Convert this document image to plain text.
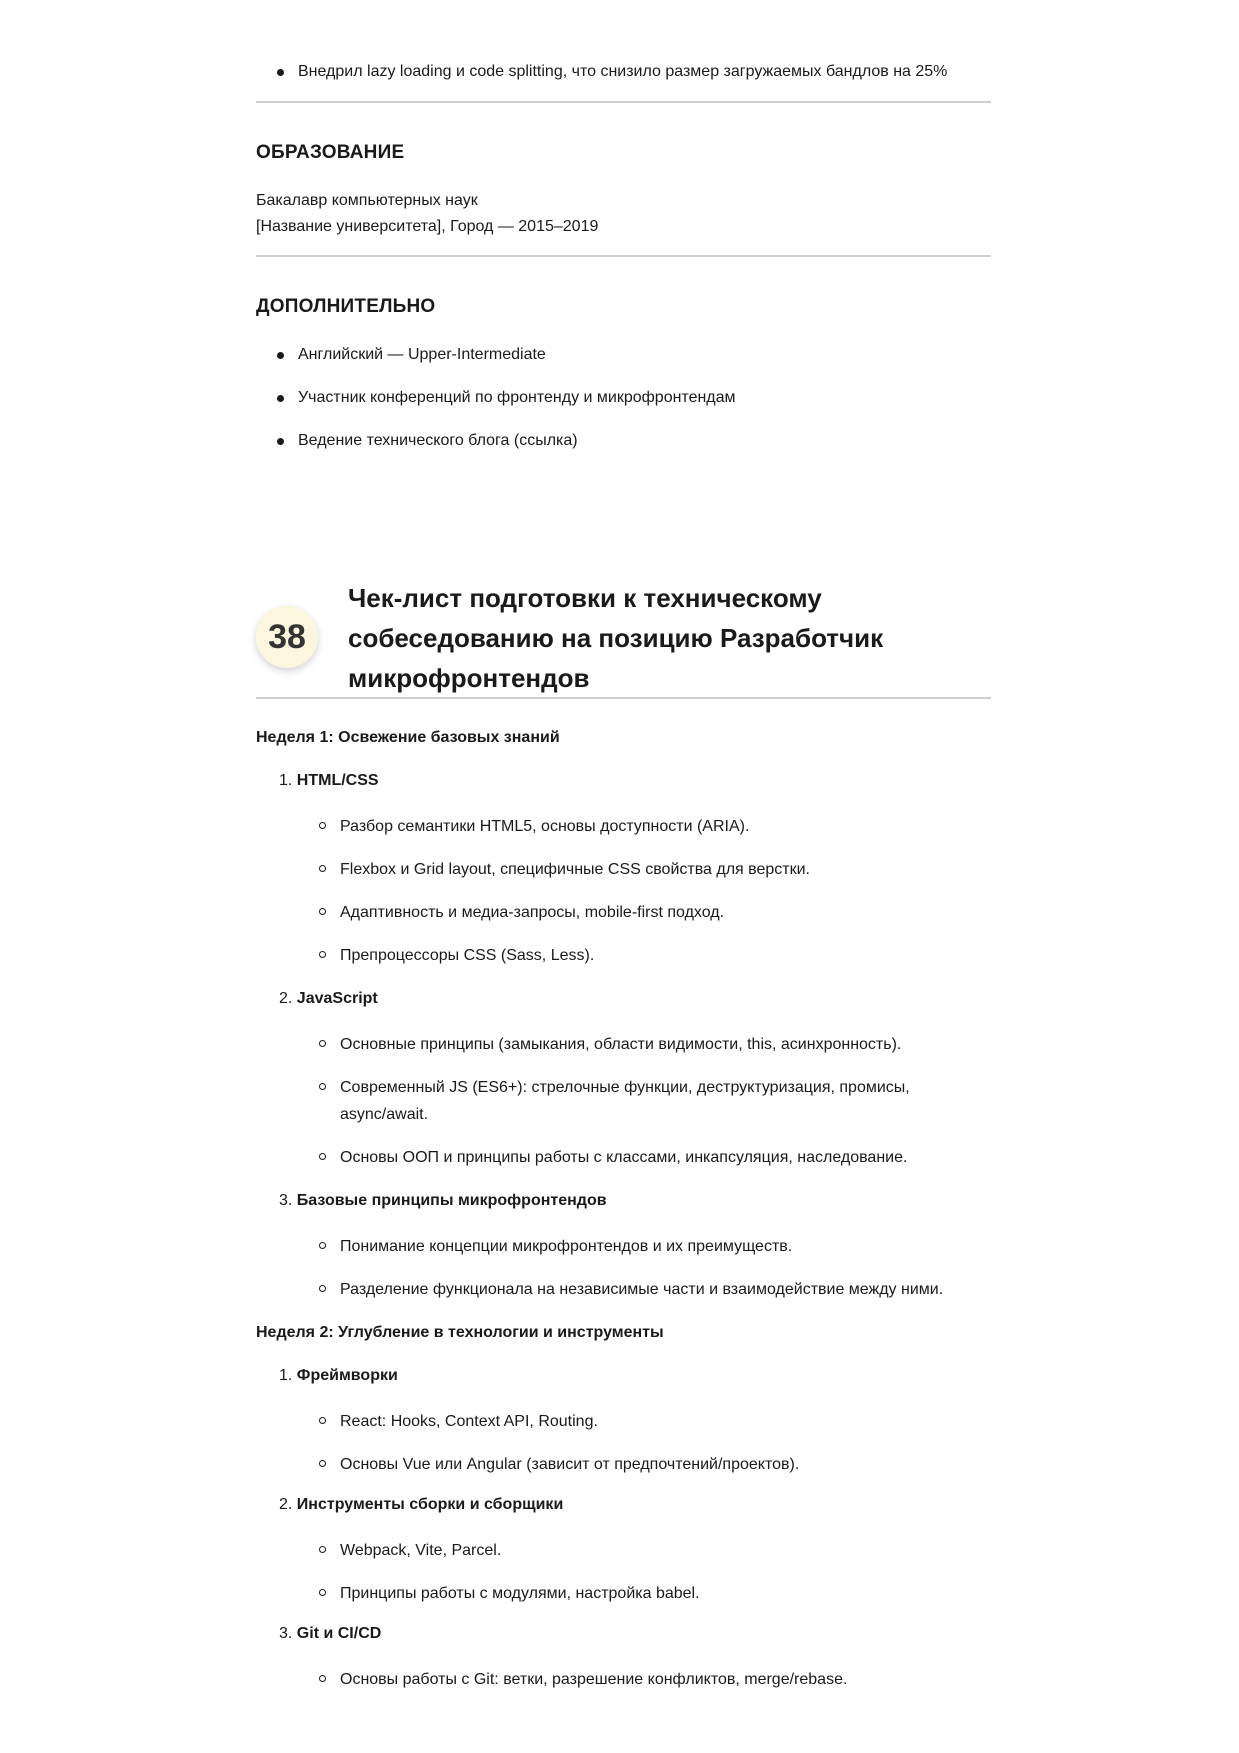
Внедрил lazy loading и code splitting, что снизило размер загружаемых бандлов на 25%
ОБРАЗОВАНИЕ
Бакалавр компьютерных наук
[Название университета], Город — 2015–2019
ДОПОЛНИТЕЛЬНО
Английский — Upper-Intermediate
Участник конференций по фронтенду и микрофронтендам
Ведение технического блога (ссылка)
38
Чек-лист подготовки к техническому собеседованию на позицию Разработчик микрофронтендов
Неделя 1: Освежение базовых знаний
1. HTML/CSS
Разбор семантики HTML5, основы доступности (ARIA).
Flexbox и Grid layout, специфичные CSS свойства для верстки.
Адаптивность и медиа-запросы, mobile-first подход.
Препроцессоры CSS (Sass, Less).
2. JavaScript
Основные принципы (замыкания, области видимости, this, асинхронность).
Современный JS (ES6+): стрелочные функции, деструктуризация, промисы, async/await.
Основы ООП и принципы работы с классами, инкапсуляция, наследование.
3. Базовые принципы микрофронтендов
Понимание концепции микрофронтендов и их преимуществ.
Разделение функционала на независимые части и взаимодействие между ними.
Неделя 2: Углубление в технологии и инструменты
1. Фреймворки
React: Hooks, Context API, Routing.
Основы Vue или Angular (зависит от предпочтений/проектов).
2. Инструменты сборки и сборщики
Webpack, Vite, Parcel.
Принципы работы с модулями, настройка babel.
3. Git и CI/CD
Основы работы с Git: ветки, разрешение конфликтов, merge/rebase.
